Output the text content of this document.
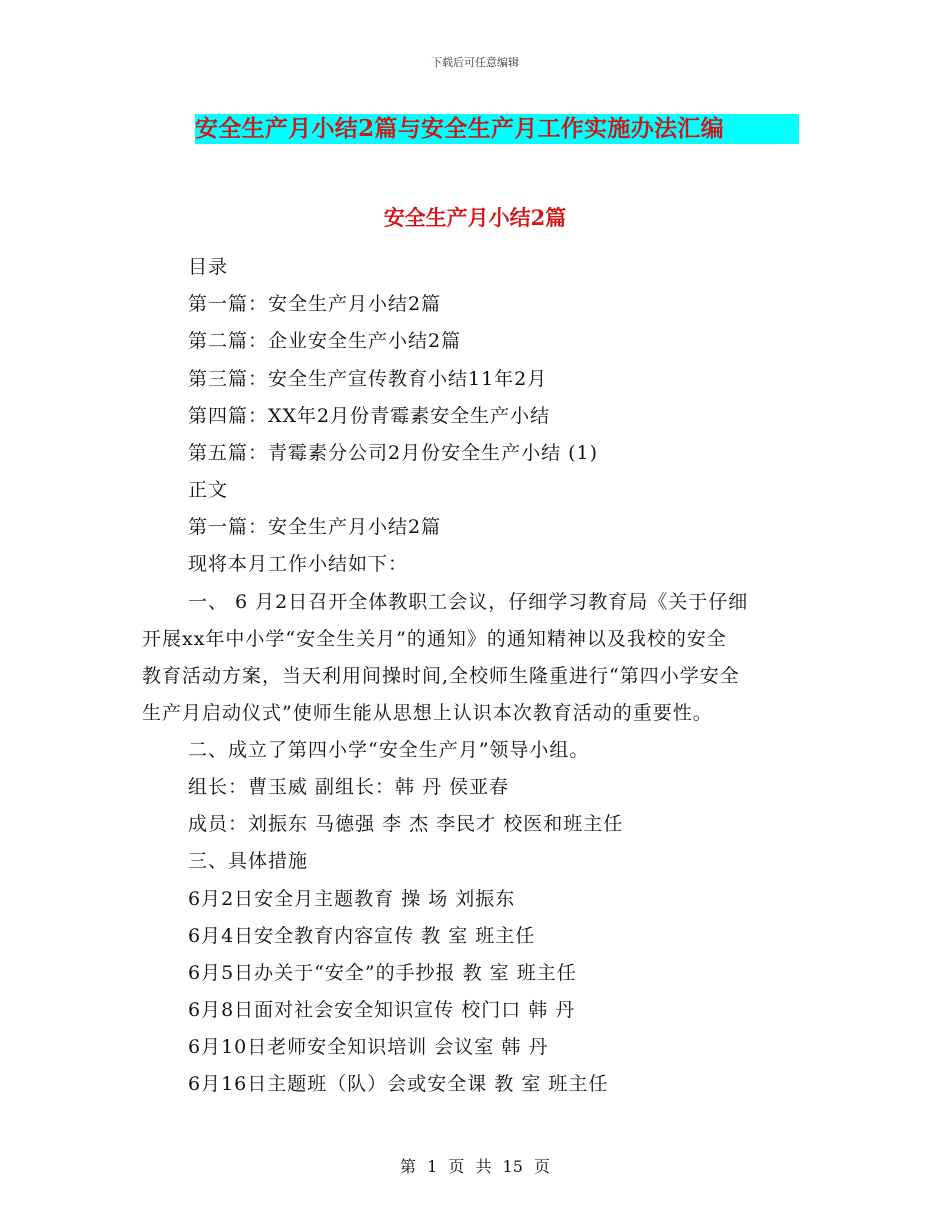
下载后可任意编辑
安全生产月小结2篇与安全生产月工作实施办法汇编
安全生产月小结2篇
目录
第一篇：安全生产月小结2篇
第二篇：企业安全生产小结2篇
第三篇：安全生产宣传教育小结11年2月
第四篇：XX年2月份青霉素安全生产小结
第五篇：青霉素分公司2月份安全生产小结 (1)
正文
第一篇：安全生产月小结2篇
现将本月工作小结如下：
一、 6 月2日召开全体教职工会议，仔细学习教育局《关于仔细
开展xx年中小学“安全生关月”的通知》的通知精神以及我校的安全
教育活动方案，当天利用间操时间,全校师生隆重进行“第四小学安全
生产月启动仪式”使师生能从思想上认识本次教育活动的重要性。
二、成立了第四小学“安全生产月”领导小组。
组长：曹玉威 副组长：韩 丹 侯亚春
成员：刘振东 马德强 李 杰 李民才 校医和班主任
三、具体措施
6月2日安全月主题教育 操 场 刘振东
6月4日安全教育内容宣传 教 室 班主任
6月5日办关于“安全”的手抄报 教 室 班主任
6月8日面对社会安全知识宣传 校门口 韩 丹
6月10日老师安全知识培训 会议室 韩 丹
6月16日主题班（队）会或安全课 教 室 班主任
第 1 页 共 15 页
